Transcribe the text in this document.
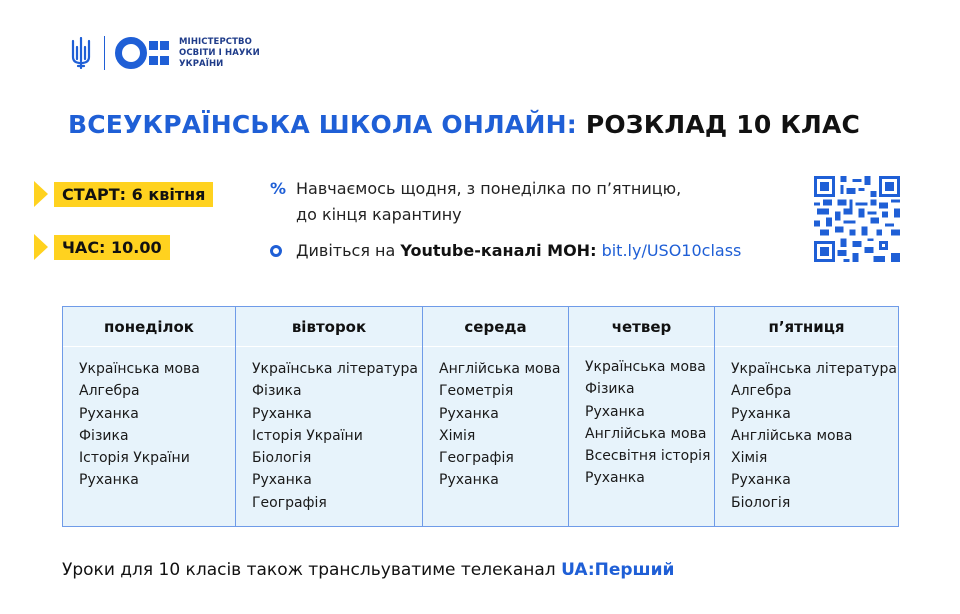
МІНІСТЕРСТВО
ОСВІТИ І НАУКИ
УКРАЇНИ
ВСЕУКРАЇНСЬКА ШКОЛА ОНЛАЙН: РОЗКЛАД 10 КЛАС
СТАРТ: 6 квітня
ЧАС: 10.00
% Навчаємось щодня, з понеділка по п’ятницю,
до кінця карантину
Дивіться на Youtube-каналі МОН: bit.ly/USO10class
понеділок
Українська мова
Алгебра
Руханка
Фізика
Історія України
Руханка
вівторок
Українська література
Фізика
Руханка
Історія України
Біологія
Руханка
Географія
середа
Англійська мова
Геометрія
Руханка
Хімія
Географія
Руханка
четвер
Українська мова
Фізика
Руханка
Англійська мова
Всесвітня історія
Руханка
п’ятниця
Українська література
Алгебра
Руханка
Англійська мова
Хімія
Руханка
Біологія
Уроки для 10 класів також трансльуватиме телеканал UA:Перший
